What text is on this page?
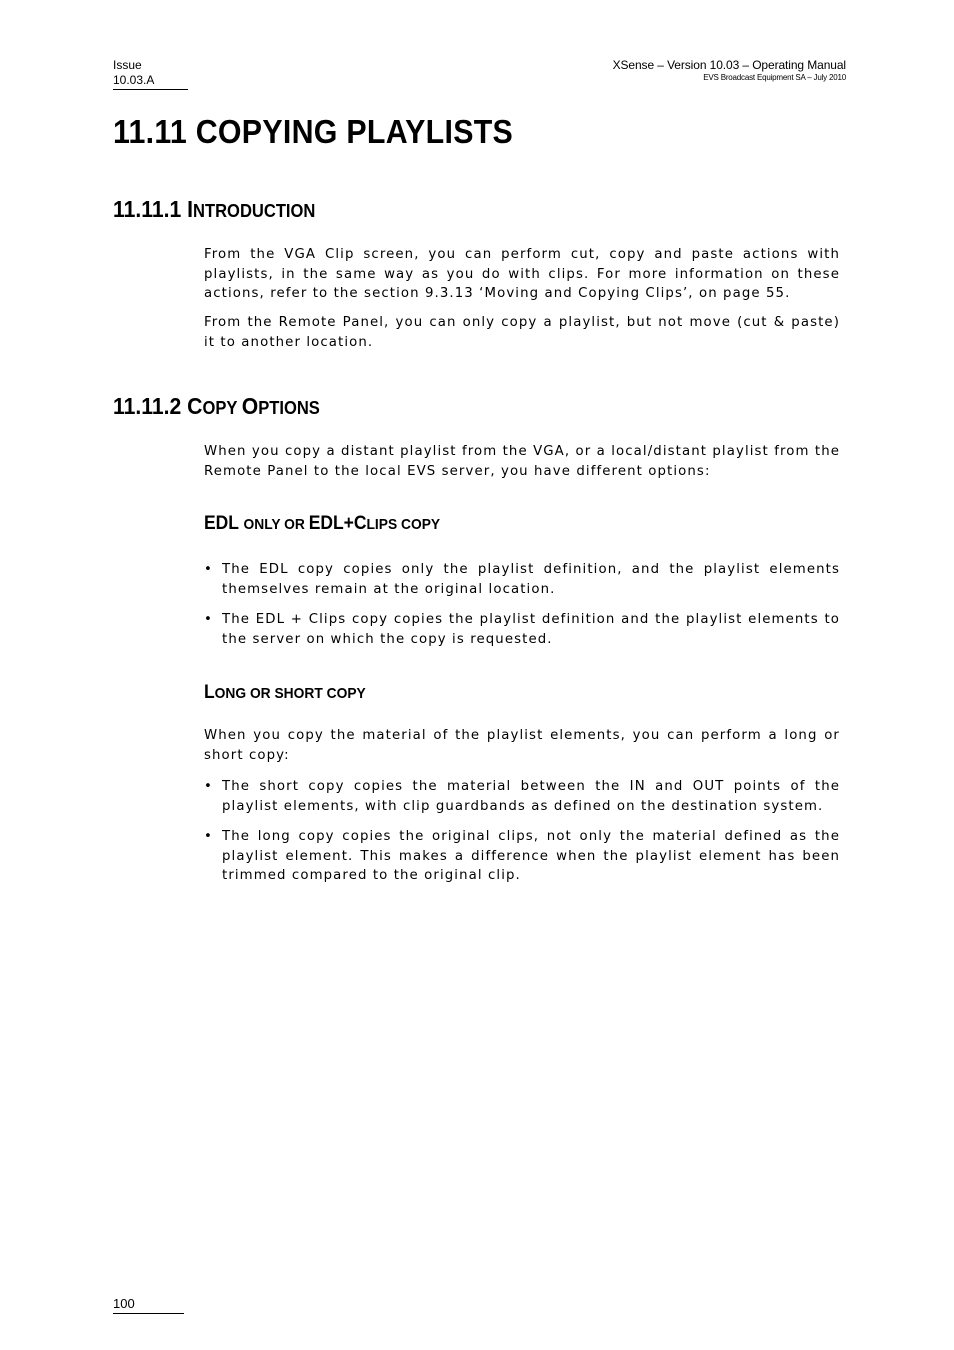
Issue
10.03.A
XSense – Version 10.03 – Operating Manual
EVS Broadcast Equipment SA – July 2010
11.11 COPYING PLAYLISTS
11.11.1 INTRODUCTION
From the VGA Clip screen, you can perform cut, copy and paste actions with playlists, in the same way as you do with clips. For more information on these actions, refer to the section 9.3.13 ‘Moving and Copying Clips’, on page 55.
From the Remote Panel, you can only copy a playlist, but not move (cut & paste) it to another location.
11.11.2 COPY OPTIONS
When you copy a distant playlist from the VGA, or a local/distant playlist from the Remote Panel to the local EVS server, you have different options:
EDL ONLY OR EDL+CLIPS COPY
• The EDL copy copies only the playlist definition, and the playlist elements themselves remain at the original location.
• The EDL + Clips copy copies the playlist definition and the playlist elements to the server on which the copy is requested.
LONG OR SHORT COPY
When you copy the material of the playlist elements, you can perform a long or short copy:
• The short copy copies the material between the IN and OUT points of the playlist elements, with clip guardbands as defined on the destination system.
• The long copy copies the original clips, not only the material defined as the playlist element. This makes a difference when the playlist element has been trimmed compared to the original clip.
100
